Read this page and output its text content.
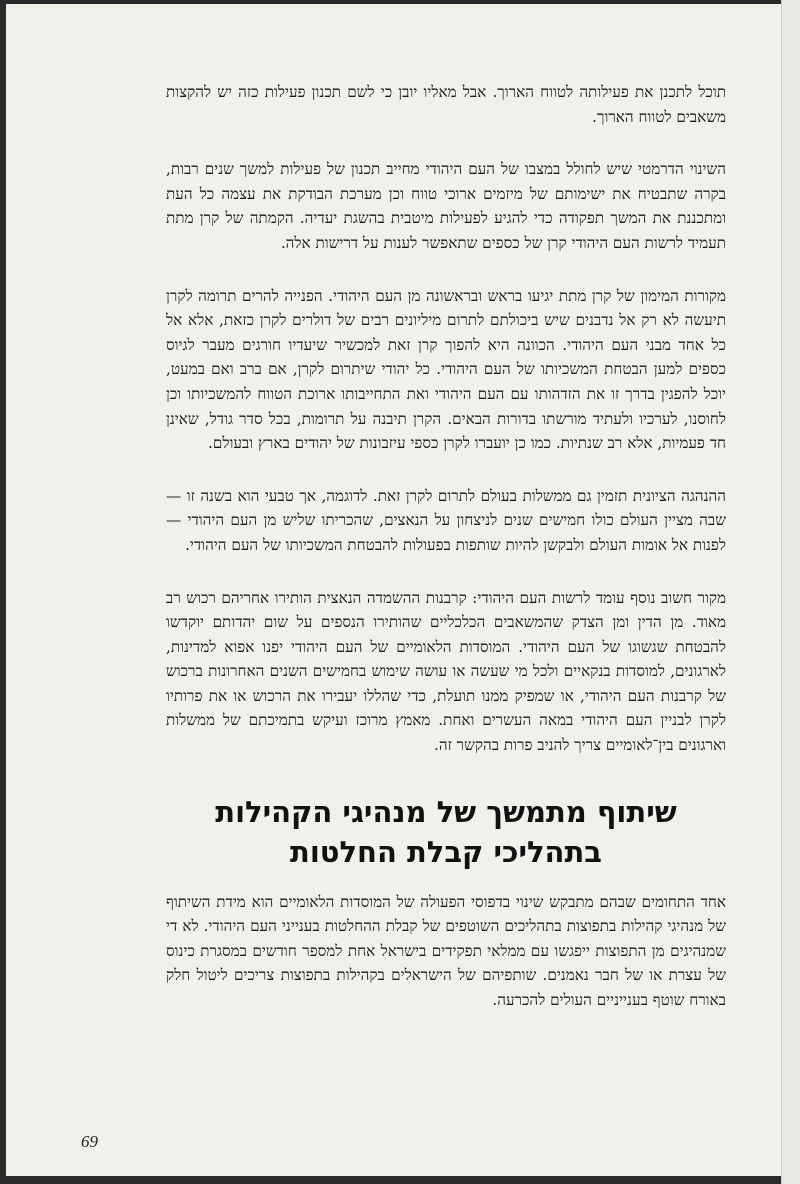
תוכל לתכנן את פעילותה לטווח הארוך. אבל מאליו יובן כי לשם תכנון פעילות כזה יש להקצות משאבים לטווח הארוך.

השינוי הדרמטי שיש לחולל במצבו של העם היהודי מחייב תכנון של פעילות למשך שנים רבות, בקרה שתבטיח את ישימותם של מיזמים ארוכי טווח וכן מערכת הבודקת את עצמה כל העת ומתכננת את המשך תפקודה כדי להגיע לפעילות מיטבית בהשגת יעדיה. הקמתה של קרן מתת תעמיד לרשות העם היהודי קרן של כספים שתאפשר לענות על דרישות אלה.

מקורות המימון של קרן מתת יגיעו בראש ובראשונה מן העם היהודי. הפנייה להרים תרומה לקרן תיעשה לא רק אל נדבנים שיש ביכולתם לתרום מיליונים רבים של דולרים לקרן כזאת, אלא אל כל אחד מבני העם היהודי. הכוונה היא להפוך קרן זאת למכשיר שיעדיו חורגים מעבר לגיוס כספים למען הבטחת המשכיותו של העם היהודי. כל יהודי שיתרום לקרן, אם ברב ואם במעט, יוכל להפגין בדרך זו את הזדהותו עם העם היהודי ואת התחייבותו ארוכת הטווח להמשכיותו וכן לחוסנו, לערכיו ולעתיד מורשתו בדורות הבאים. הקרן תיבנה על תרומות, בכל סדר גודל, שאינן חד פעמיות, אלא רב שנתיות. כמו כן יועברו לקרן כספי עיזבונות של יהודים בארץ ובעולם.

ההנהגה הציונית תזמין גם ממשלות בעולם לתרום לקרן זאת. לדוגמה, אך טבעי הוא בשנה זו — שבה מציין העולם כולו חמישים שנים לניצחון על הנאצים, שהכריתו שליש מן העם היהודי — לפנות אל אומות העולם ולבקשן להיות שותפות בפעולות להבטחת המשכיותו של העם היהודי.

מקור חשוב נוסף עומד לרשות העם היהודי: קרבנות ההשמדה הנאצית הותירו אחריהם רכוש רב מאוד. מן הדין ומן הצדק שהמשאבים הכלכליים שהותירו הנספים על שום יהדותם יוקדשו להבטחת שגשוגו של העם היהודי. המוסדות הלאומיים של העם היהודי יפנו אפוא למדינות, לארגונים, למוסדות בנקאיים ולכל מי שעשה או עושה שימוש בחמישים השנים האחרונות ברכוש של קרבנות העם היהודי, או שמפיק ממנו תועלת, כדי שהללו יעבירו את הרכוש או את פרותיו לקרן לבניין העם היהודי במאה העשרים ואחת. מאמץ מרוכז ועיקש בתמיכתם של ממשלות וארגונים בין־לאומיים צריך להניב פרות בהקשר זה.

שיתוף מתמשך של מנהיגי הקהילות
בתהליכי קבלת החלטות

אחד התחומים שבהם מתבקש שינוי בדפוסי הפעולה של המוסדות הלאומיים הוא מידת השיתוף של מנהיגי קהילות בתפוצות בתהליכים השוטפים של קבלת ההחלטות בענייני העם היהודי. לא די שמנהיגים מן התפוצות ייפגשו עם ממלאי תפקידים בישראל אחת למספר חודשים במסגרת כינוס של עצרת או של חבר נאמנים. שותפיהם של הישראלים בקהילות בתפוצות צריכים ליטול חלק באורח שוטף בענייניים העולים להכרעה.

69
